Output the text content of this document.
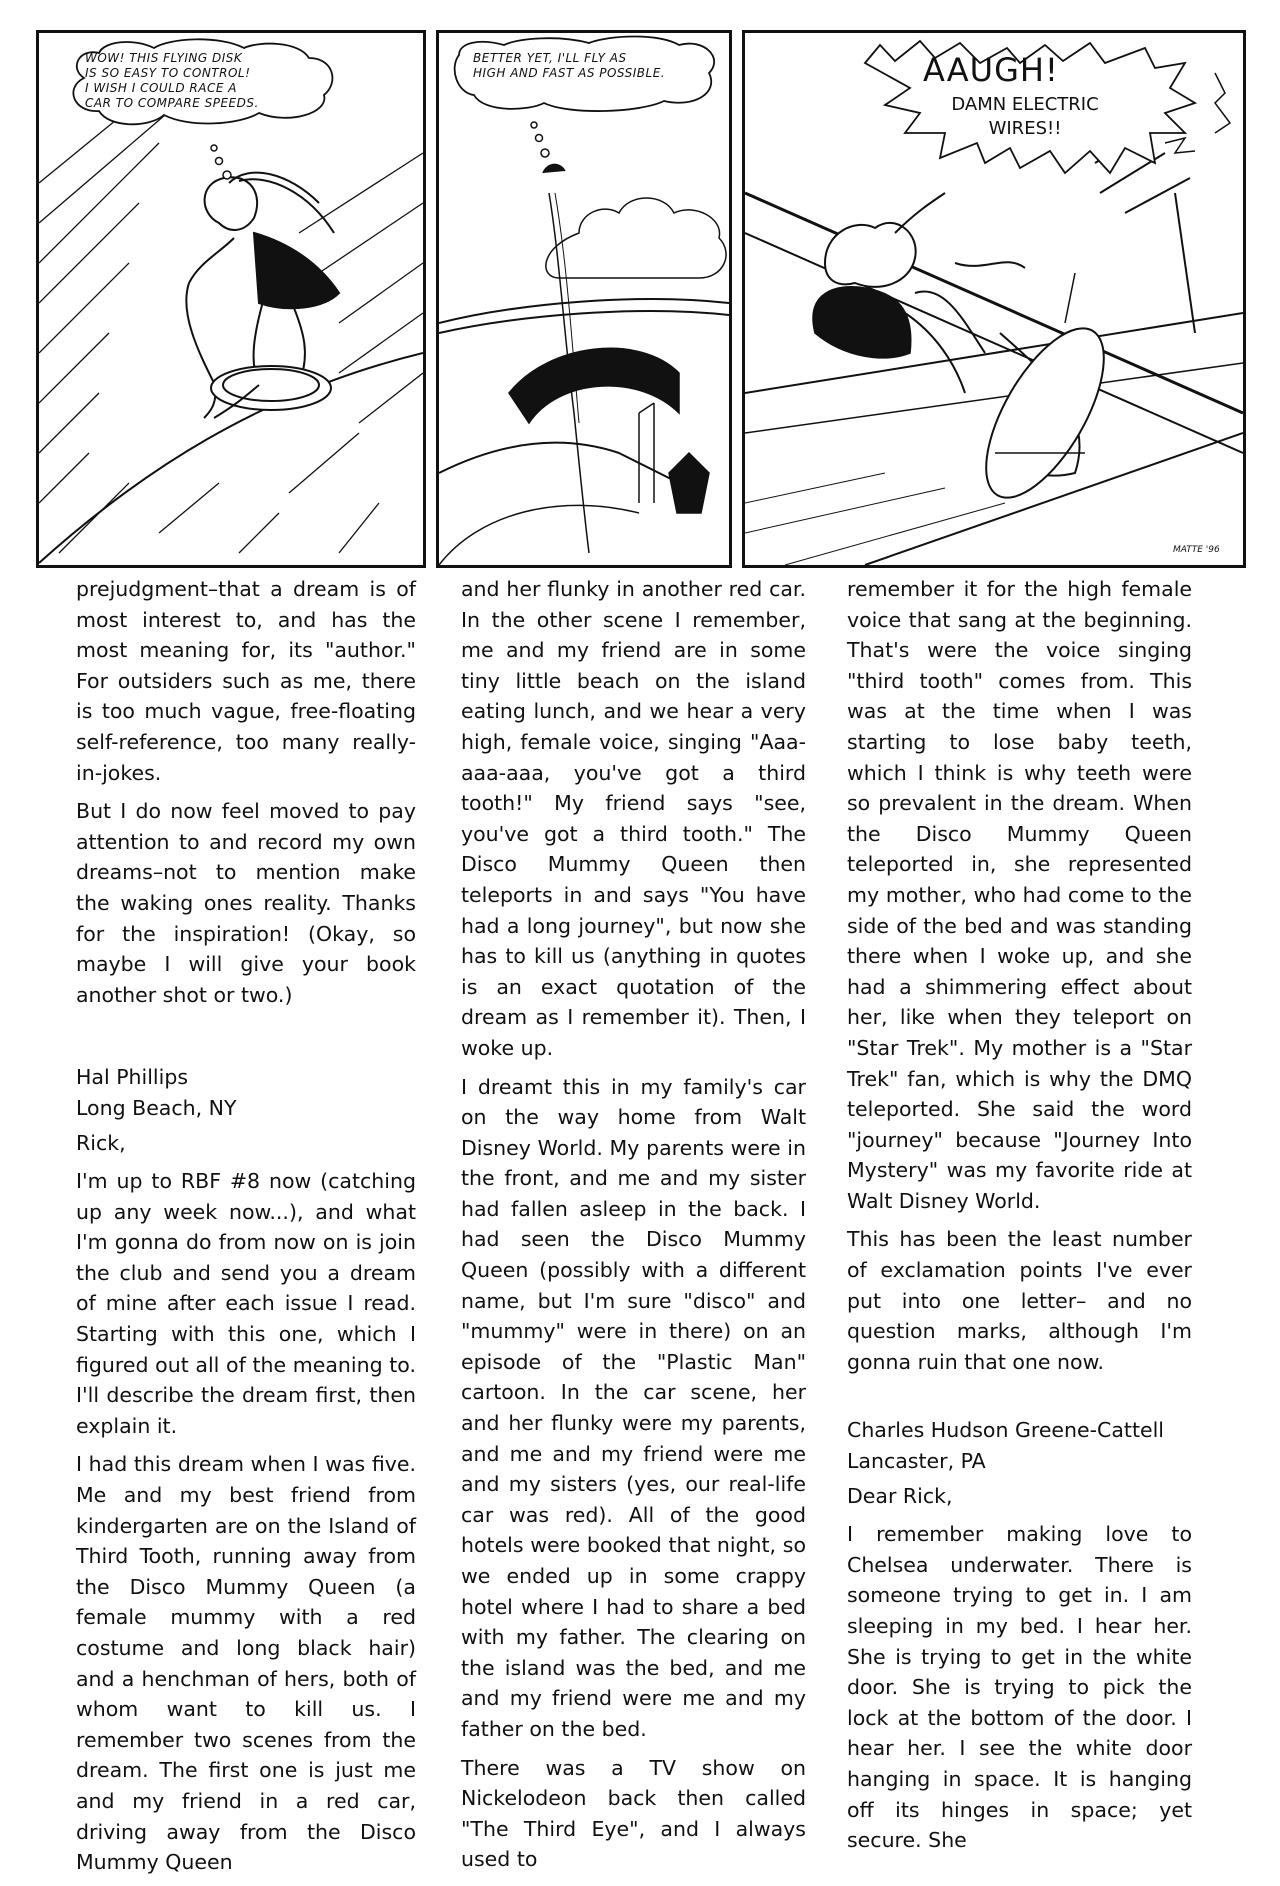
WOW! THIS FLYING DISK
IS SO EASY TO CONTROL!
I WISH I COULD RACE A
CAR TO COMPARE SPEEDS.
BETTER YET, I'LL FLY AS
HIGH AND FAST AS POSSIBLE.	AAUGH!
DAMN ELECTRIC
WIRES!!
MATTE '96

prejudgment–that a dream is of most interest to, and has the most meaning for, its "author." For outsiders such as me, there is too much vague, free-floating self-reference, too many really-in-jokes.

But I do now feel moved to pay attention to and record my own dreams–not to mention make the waking ones reality. Thanks for the inspiration! (Okay, so maybe I will give your book another shot or two.)

Hal Phillips

Long Beach, NY

Rick,

I'm up to RBF #8 now (catching up any week now...), and what I'm gonna do from now on is join the club and send you a dream of mine after each issue I read. Starting with this one, which I figured out all of the meaning to. I'll describe the dream first, then explain it.

I had this dream when I was five. Me and my best friend from kindergarten are on the Island of Third Tooth, running away from the Disco Mummy Queen (a female mummy with a red costume and long black hair) and a henchman of hers, both of whom want to kill us. I remember two scenes from the dream. The first one is just me and my friend in a red car, driving away from the Disco Mummy Queen

and her flunky in another red car. In the other scene I remember, me and my friend are in some tiny little beach on the island eating lunch, and we hear a very high, female voice, singing "Aaa-aaa-aaa, you've got a third tooth!" My friend says "see, you've got a third tooth." The Disco Mummy Queen then teleports in and says "You have had a long journey", but now she has to kill us (anything in quotes is an exact quotation of the dream as I remember it). Then, I woke up.

I dreamt this in my family's car on the way home from Walt Disney World. My parents were in the front, and me and my sister had fallen asleep in the back. I had seen the Disco Mummy Queen (possibly with a different name, but I'm sure "disco" and "mummy" were in there) on an episode of the "Plastic Man" cartoon. In the car scene, her and her flunky were my parents, and me and my friend were me and my sisters (yes, our real-life car was red). All of the good hotels were booked that night, so we ended up in some crappy hotel where I had to share a bed with my father. The clearing on the island was the bed, and me and my friend were me and my father on the bed.

There was a TV show on Nickelodeon back then called "The Third Eye", and I always used to

remember it for the high female voice that sang at the beginning. That's were the voice singing "third tooth" comes from. This was at the time when I was starting to lose baby teeth, which I think is why teeth were so prevalent in the dream. When the Disco Mummy Queen teleported in, she represented my mother, who had come to the side of the bed and was standing there when I woke up, and she had a shimmering effect about her, like when they teleport on "Star Trek". My mother is a "Star Trek" fan, which is why the DMQ teleported. She said the word "journey" because "Journey Into Mystery" was my favorite ride at Walt Disney World.

This has been the least number of exclamation points I've ever put into one letter– and no question marks, although I'm gonna ruin that one now.

Charles Hudson Greene-Cattell

Lancaster, PA

Dear Rick,

I remember making love to Chelsea underwater. There is someone trying to get in. I am sleeping in my bed. I hear her. She is trying to get in the white door. She is trying to pick the lock at the bottom of the door. I hear her. I see the white door hanging in space. It is hanging off its hinges in space; yet secure. She
